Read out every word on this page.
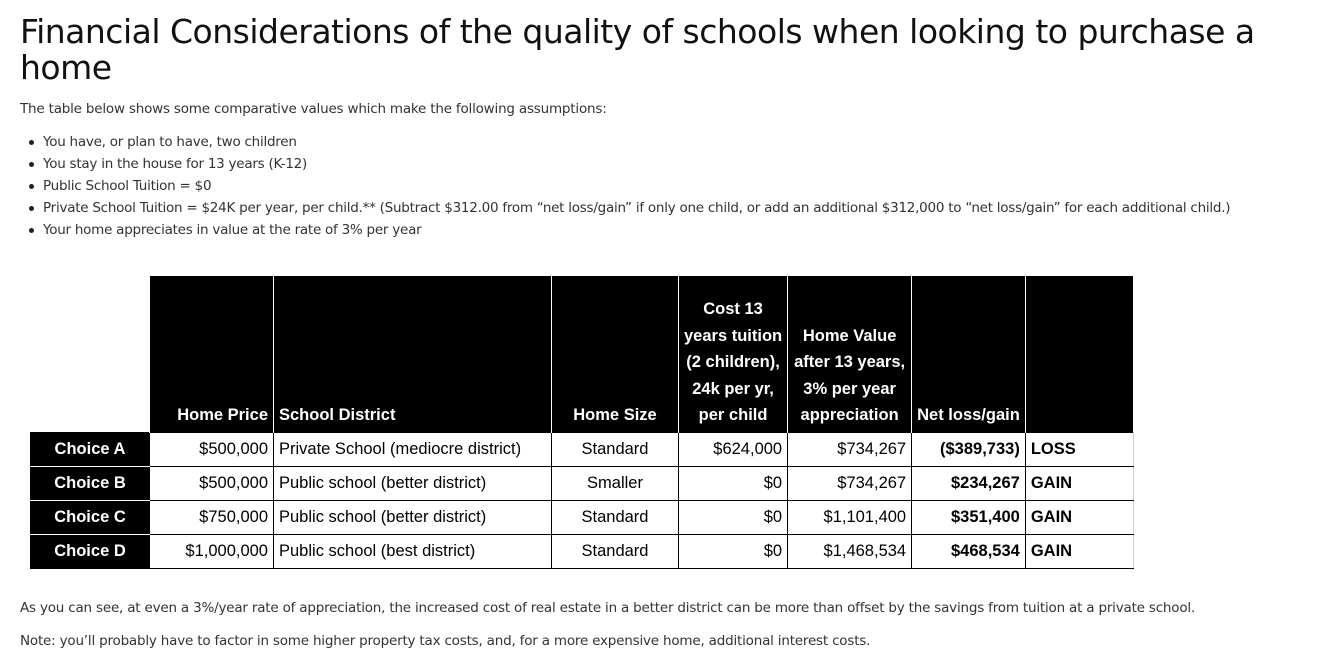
Financial Considerations of the quality of schools when looking to purchase a home

The table below shows some comparative values which make the following assumptions:

You have, or plan to have, two children
You stay in the house for 13 years (K-12)
Public School Tuition = $0
Private School Tuition = $24K per year, per child.** (Subtract $312.00 from “net loss/gain” if only one child, or add an additional $312,000 to “net loss/gain” for each additional child.)
Your home appreciates in value at the rate of 3% per year
	Home Price	School District	Home Size	Cost 13
years tuition
(2 children),
24k per yr,
per child	Home Value
after 13 years,
3% per year
appreciation	Net loss/gain	
Choice A	$500,000	Private School (mediocre district)	Standard	$624,000	$734,267	($389,733)	LOSS
Choice B	$500,000	Public school (better district)	Smaller	$0	$734,267	$234,267	GAIN
Choice C	$750,000	Public school (better district)	Standard	$0	$1,101,400	$351,400	GAIN
Choice D	$1,000,000	Public school (best district)	Standard	$0	$1,468,534	$468,534	GAIN

As you can see, at even a 3%/year rate of appreciation, the increased cost of real estate in a better district can be more than offset by the savings from tuition at a private school.

Note: you’ll probably have to factor in some higher property tax costs, and, for a more expensive home, additional interest costs.
